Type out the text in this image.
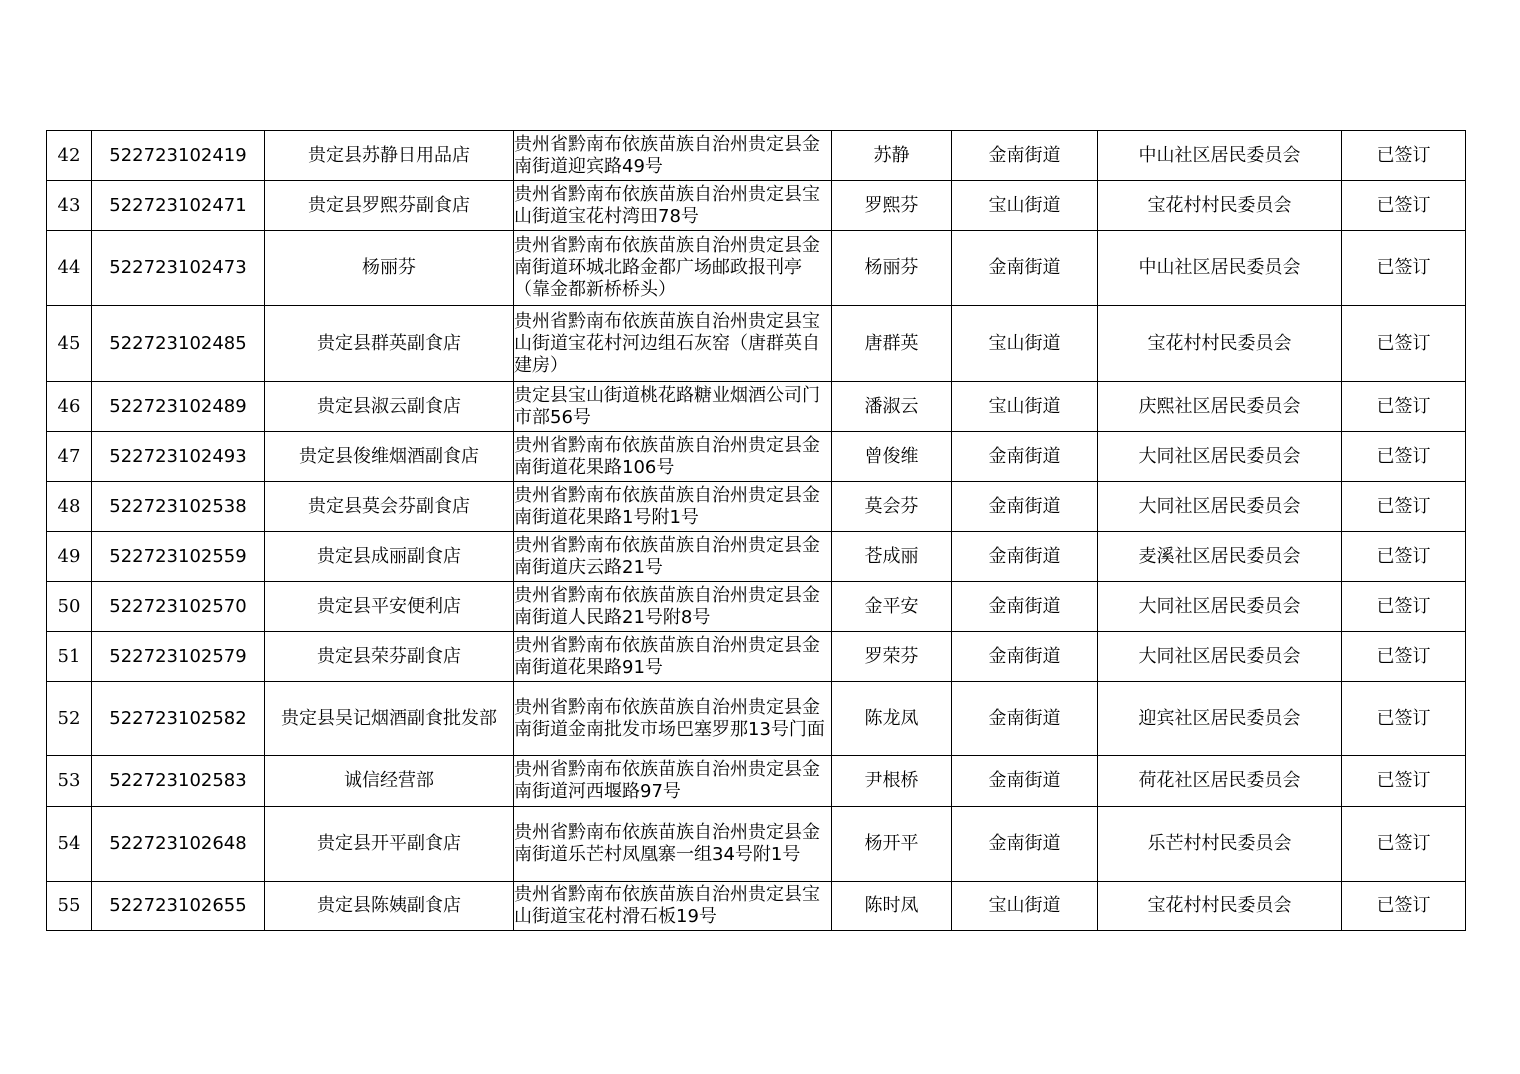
42	522723102419	贵定县苏静日用品店	贵州省黔南布依族苗族自治州贵定县金南街道迎宾路49号	苏静	金南街道	中山社区居民委员会	已签订
43	522723102471	贵定县罗熙芬副食店	贵州省黔南布依族苗族自治州贵定县宝山街道宝花村湾田78号	罗熙芬	宝山街道	宝花村村民委员会	已签订
44	522723102473	杨丽芬	贵州省黔南布依族苗族自治州贵定县金南街道环城北路金都广场邮政报刊亭（靠金都新桥桥头）	杨丽芬	金南街道	中山社区居民委员会	已签订
45	522723102485	贵定县群英副食店	贵州省黔南布依族苗族自治州贵定县宝山街道宝花村河边组石灰窑（唐群英自建房）	唐群英	宝山街道	宝花村村民委员会	已签订
46	522723102489	贵定县淑云副食店	贵定县宝山街道桃花路糖业烟酒公司门市部56号	潘淑云	宝山街道	庆熙社区居民委员会	已签订
47	522723102493	贵定县俊维烟酒副食店	贵州省黔南布依族苗族自治州贵定县金南街道花果路106号	曾俊维	金南街道	大同社区居民委员会	已签订
48	522723102538	贵定县莫会芬副食店	贵州省黔南布依族苗族自治州贵定县金南街道花果路1号附1号	莫会芬	金南街道	大同社区居民委员会	已签订
49	522723102559	贵定县成丽副食店	贵州省黔南布依族苗族自治州贵定县金南街道庆云路21号	苍成丽	金南街道	麦溪社区居民委员会	已签订
50	522723102570	贵定县平安便利店	贵州省黔南布依族苗族自治州贵定县金南街道人民路21号附8号	金平安	金南街道	大同社区居民委员会	已签订
51	522723102579	贵定县荣芬副食店	贵州省黔南布依族苗族自治州贵定县金南街道花果路91号	罗荣芬	金南街道	大同社区居民委员会	已签订
52	522723102582	贵定县吴记烟酒副食批发部	贵州省黔南布依族苗族自治州贵定县金南街道金南批发市场巴塞罗那13号门面	陈龙凤	金南街道	迎宾社区居民委员会	已签订
53	522723102583	诚信经营部	贵州省黔南布依族苗族自治州贵定县金南街道河西堰路97号	尹根桥	金南街道	荷花社区居民委员会	已签订
54	522723102648	贵定县开平副食店	贵州省黔南布依族苗族自治州贵定县金南街道乐芒村凤凰寨一组34号附1号	杨开平	金南街道	乐芒村村民委员会	已签订
55	522723102655	贵定县陈姨副食店	贵州省黔南布依族苗族自治州贵定县宝山街道宝花村滑石板19号	陈时凤	宝山街道	宝花村村民委员会	已签订
